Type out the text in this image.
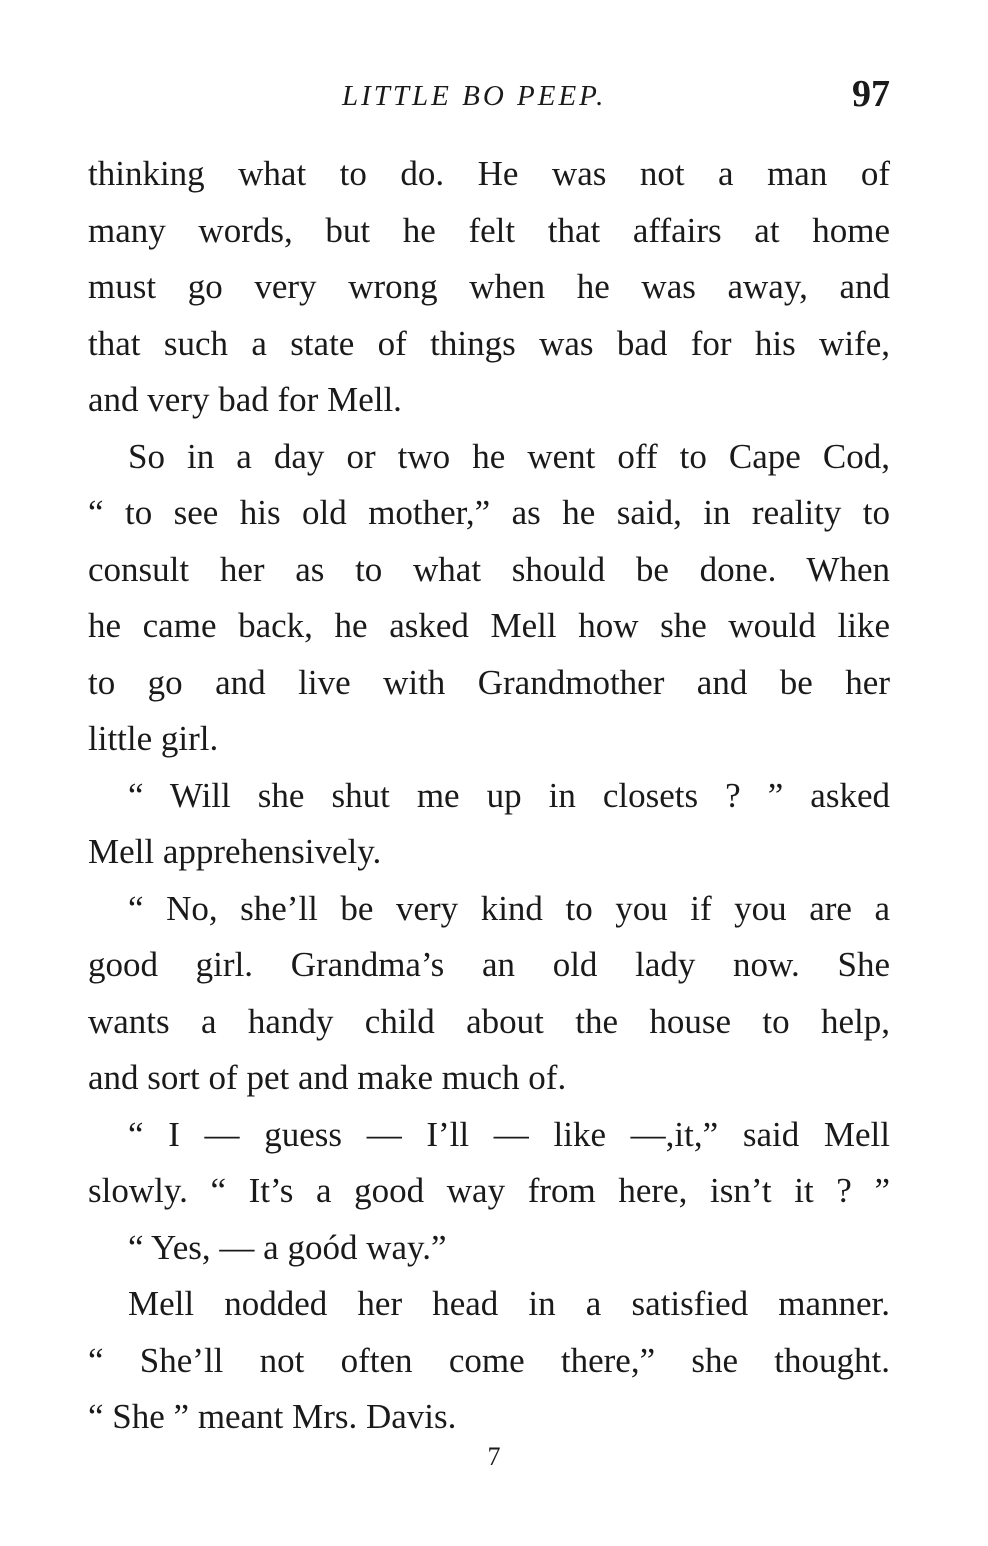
LITTLE BO PEEP.	97
thinking what to do. He was not a man of
many words, but he felt that affairs at home
must go very wrong when he was away, and
that such a state of things was bad for his wife,
and very bad for Mell.
So in a day or two he went off to Cape Cod,
“ to see his old mother,” as he said, in reality to
consult her as to what should be done. When
he came back, he asked Mell how she would like
to go and live with Grandmother and be her
little girl.
“ Will she shut me up in closets ? ” asked
Mell apprehensively.
“ No, she’ll be very kind to you if you are a
good girl. Grandma’s an old lady now. She
wants a handy child about the house to help,
and sort of pet and make much of.
“ I — guess — I’ll — like —,it,” said Mell
slowly. “ It’s a good way from here, isn’t it ? ”
“ Yes, — a goód way.”
Mell nodded her head in a satisfied manner.
“ She’ll not often come there,” she thought.
“ She ” meant Mrs. Davis.
7
